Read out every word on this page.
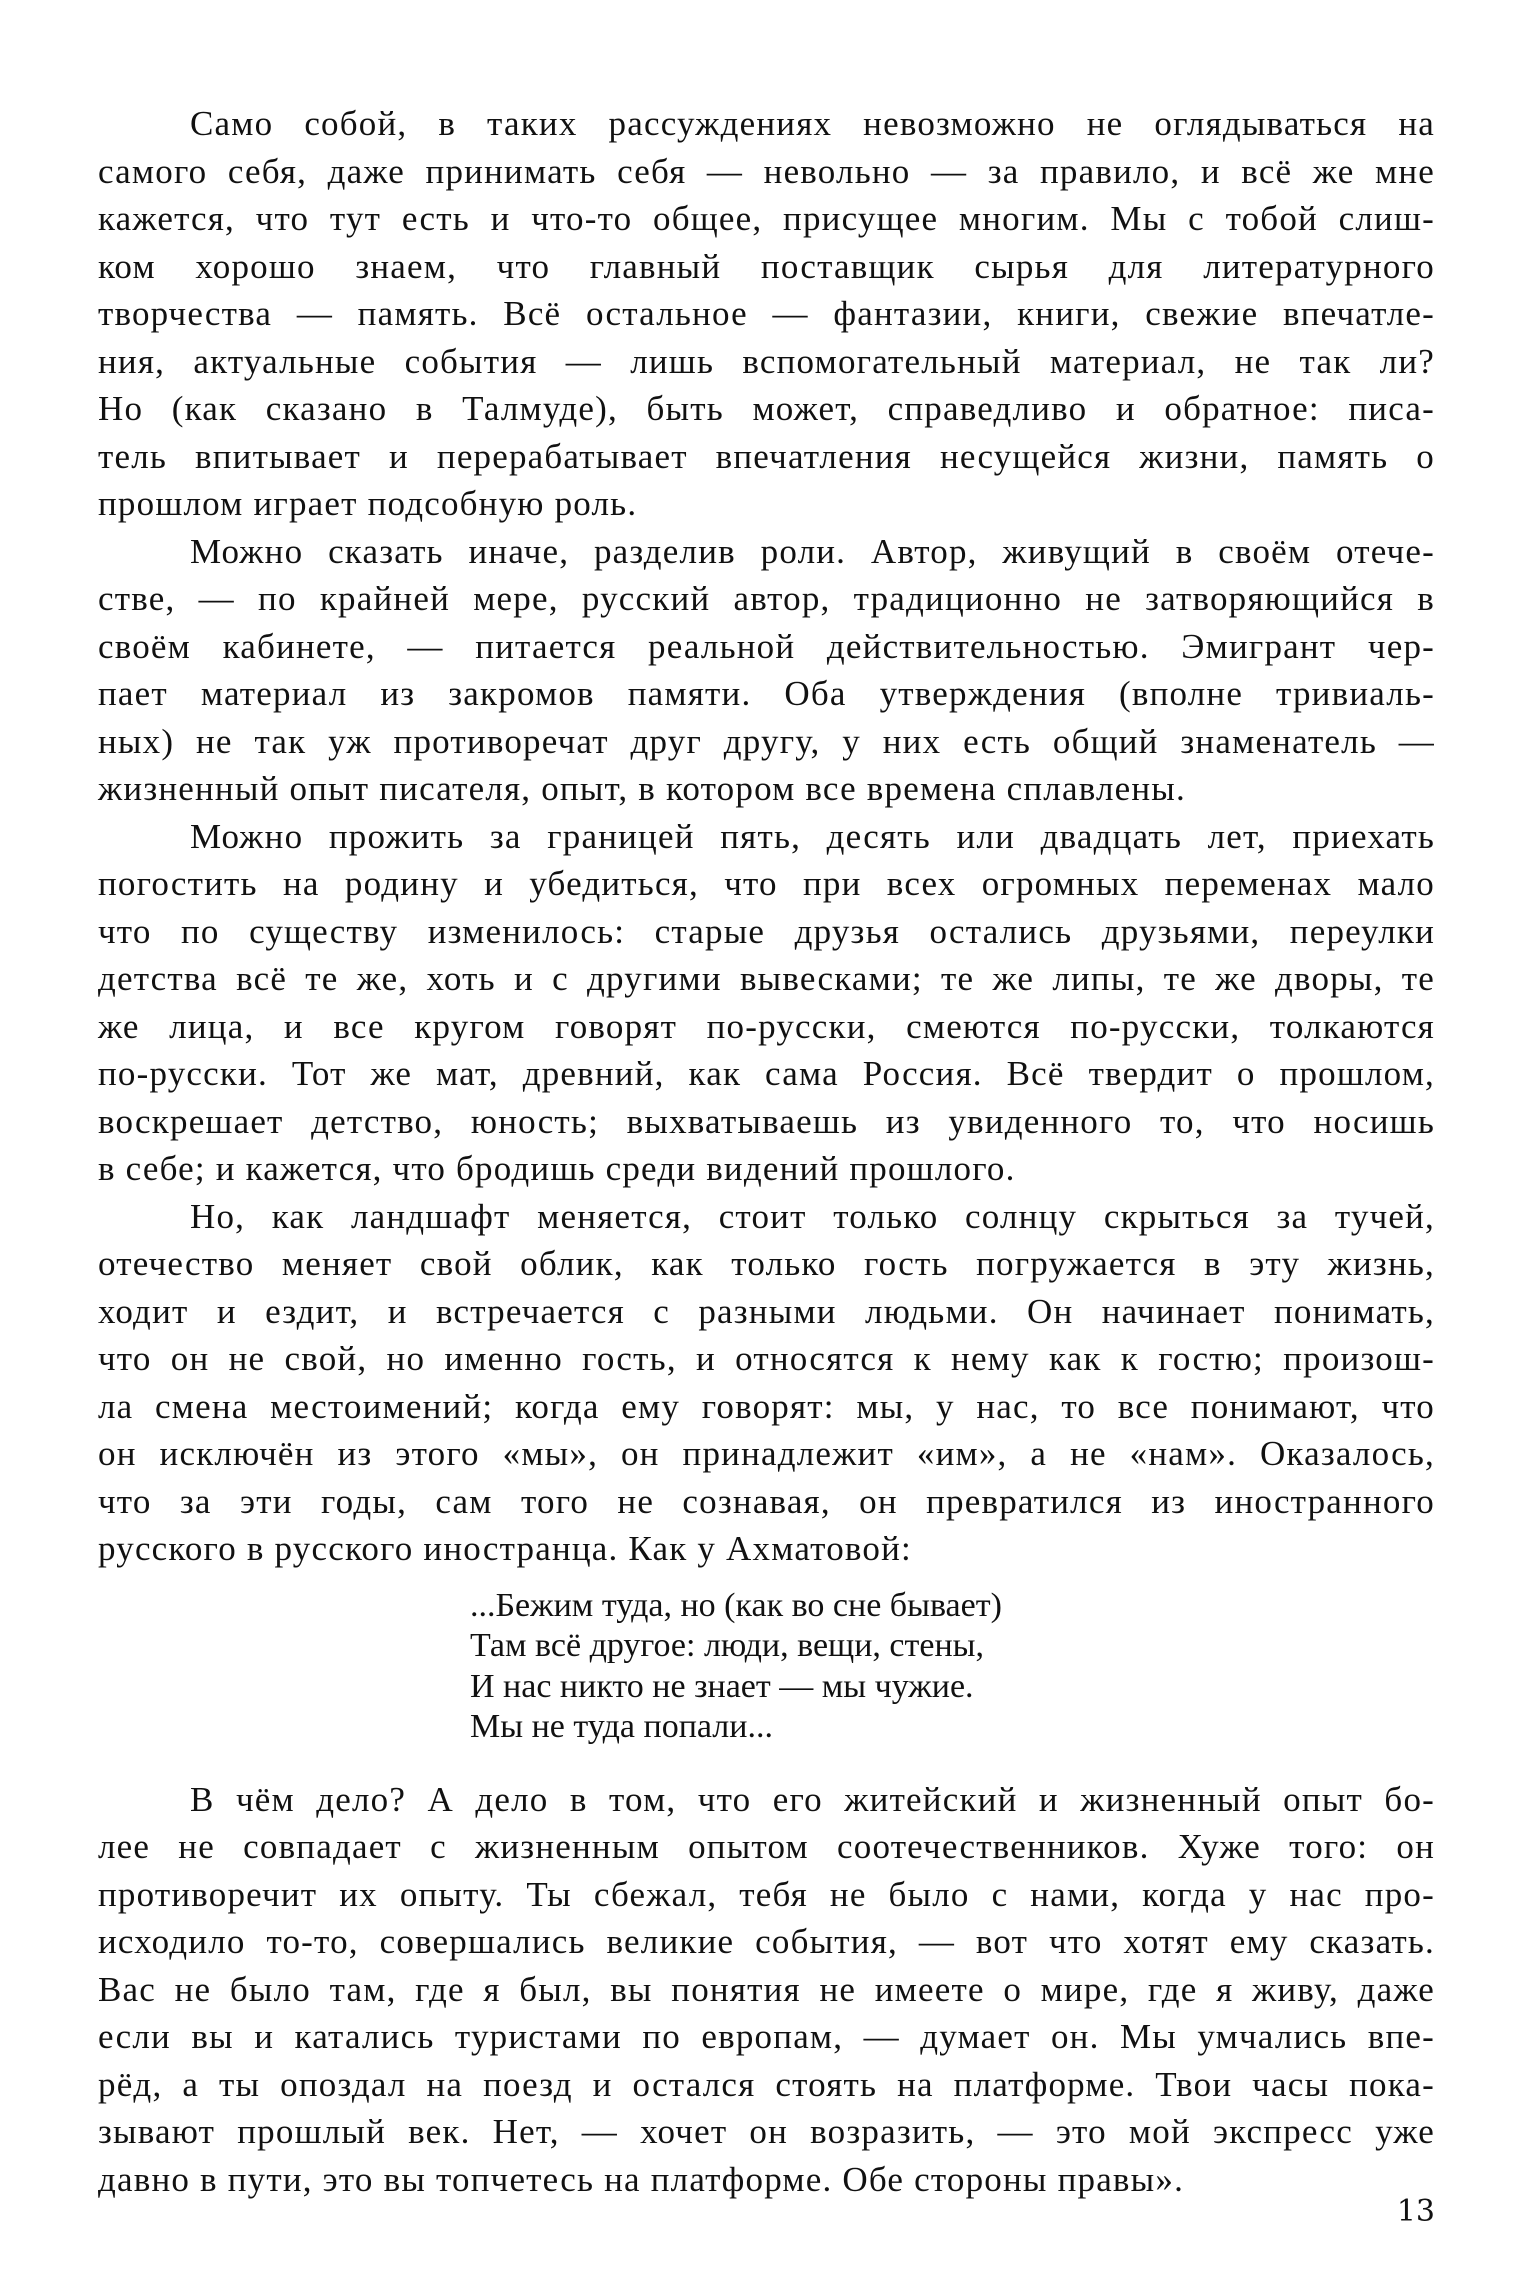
Само собой, в таких рассуждениях невозможно не оглядываться на
самого себя, даже принимать себя — невольно — за правило, и всё же мне
кажется, что тут есть и что-то общее, присущее многим. Мы с тобой слиш-
ком хорошо знаем, что главный поставщик сырья для литературного
творчества — память. Всё остальное — фантазии, книги, свежие впечатле-
ния, актуальные события — лишь вспомогательный материал, не так ли?
Но (как сказано в Талмуде), быть может, справедливо и обратное: писа-
тель впитывает и перерабатывает впечатления несущейся жизни, память о
прошлом играет подсобную роль.
Можно сказать иначе, разделив роли. Автор, живущий в своём отече-
стве, — по крайней мере, русский автор, традиционно не затворяющийся в
своём кабинете, — питается реальной действительностью. Эмигрант чер-
пает материал из закромов памяти. Оба утверждения (вполне тривиаль-
ных) не так уж противоречат друг другу, у них есть общий знаменатель —
жизненный опыт писателя, опыт, в котором все времена сплавлены.
Можно прожить за границей пять, десять или двадцать лет, приехать
погостить на родину и убедиться, что при всех огромных переменах мало
что по существу изменилось: старые друзья остались друзьями, переулки
детства всё те же, хоть и с другими вывесками; те же липы, те же дворы, те
же лица, и все кругом говорят по-русски, смеются по-русски, толкаются
по-русски. Тот же мат, древний, как сама Россия. Всё твердит о прошлом,
воскрешает детство, юность; выхватываешь из увиденного то, что носишь
в себе; и кажется, что бродишь среди видений прошлого.
Но, как ландшафт меняется, стоит только солнцу скрыться за тучей,
отечество меняет свой облик, как только гость погружается в эту жизнь,
ходит и ездит, и встречается с разными людьми. Он начинает понимать,
что он не свой, но именно гость, и относятся к нему как к гостю; произош-
ла смена местоимений; когда ему говорят: мы, у нас, то все понимают, что
он исключён из этого «мы», он принадлежит «им», а не «нам». Оказалось,
что за эти годы, сам того не сознавая, он превратился из иностранного
русского в русского иностранца. Как у Ахматовой:
...Бежим туда, но (как во сне бывает)
Там всё другое: люди, вещи, стены,
И нас никто не знает — мы чужие.
Мы не туда попали...
В чём дело? А дело в том, что его житейский и жизненный опыт бо-
лее не совпадает с жизненным опытом соотечественников. Хуже того: он
противоречит их опыту. Ты сбежал, тебя не было с нами, когда у нас про-
исходило то-то, совершались великие события, — вот что хотят ему сказать.
Вас не было там, где я был, вы понятия не имеете о мире, где я живу, даже
если вы и катались туристами по европам, — думает он. Мы умчались впе-
рёд, а ты опоздал на поезд и остался стоять на платформе. Твои часы пока-
зывают прошлый век. Нет, — хочет он возразить, — это мой экспресс уже
давно в пути, это вы топчетесь на платформе. Обе стороны правы».
13
